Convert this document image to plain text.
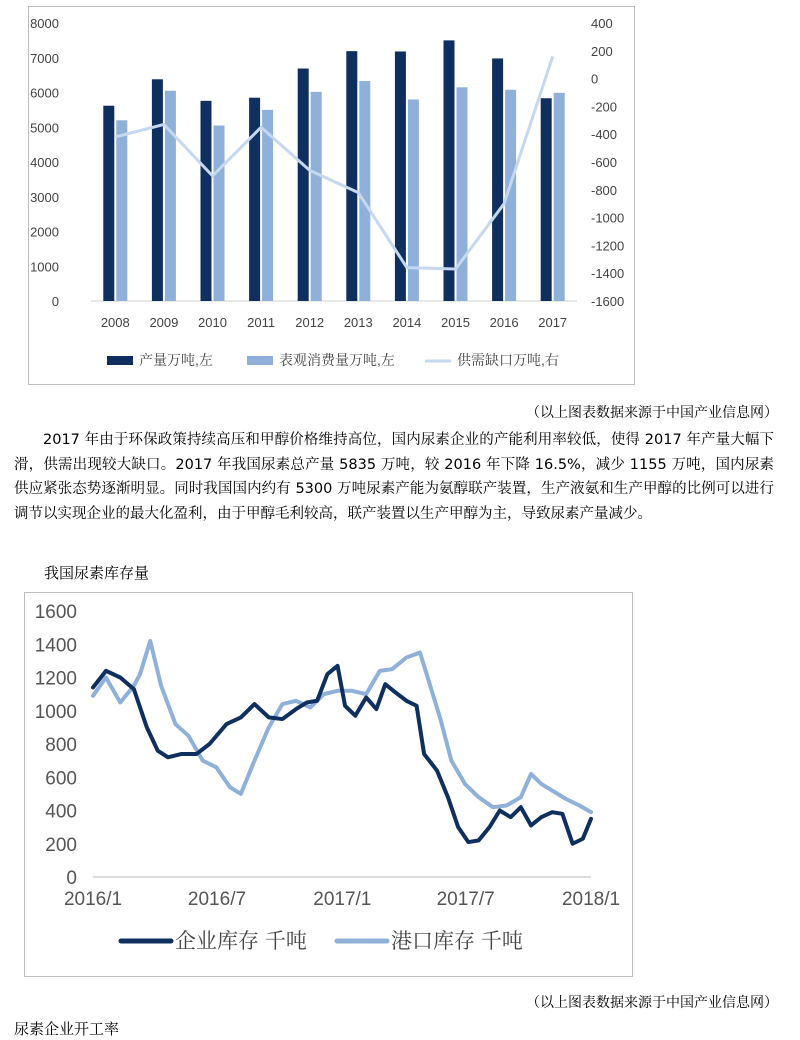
0
1000
2000
3000
4000
5000
6000
7000
8000
-1600
-1400
-1200
-1000
-800
-600
-400
-200
0
200
400
2008 2009 2010 2011 2012 2013 2014 2015 2016 2017
产量万吨,左	表观消费量万吨,左	供需缺口万吨,右
（以上图表数据来源于中国产业信息网）
2017 年由于环保政策持续高压和甲醇价格维持高位，国内尿素企业的产能利用率较低，使得 2017 年产量大幅下滑，供需出现较大缺口。2017 年我国尿素总产量 5835 万吨，较 2016 年下降 16.5%，减少 1155 万吨，国内尿素供应紧张态势逐渐明显。同时我国国内约有 5300 万吨尿素产能为氨醇联产装置，生产液氨和生产甲醇的比例可以进行调节以实现企业的最大化盈利，由于甲醇毛利较高，联产装置以生产甲醇为主，导致尿素产量减少。
我国尿素库存量
0
200
400
600
800
1000
1200
1400
1600
2016/1	2016/7	2017/1	2017/7	2018/1
企业库存 千吨	港口库存 千吨
（以上图表数据来源于中国产业信息网）
尿素企业开工率
